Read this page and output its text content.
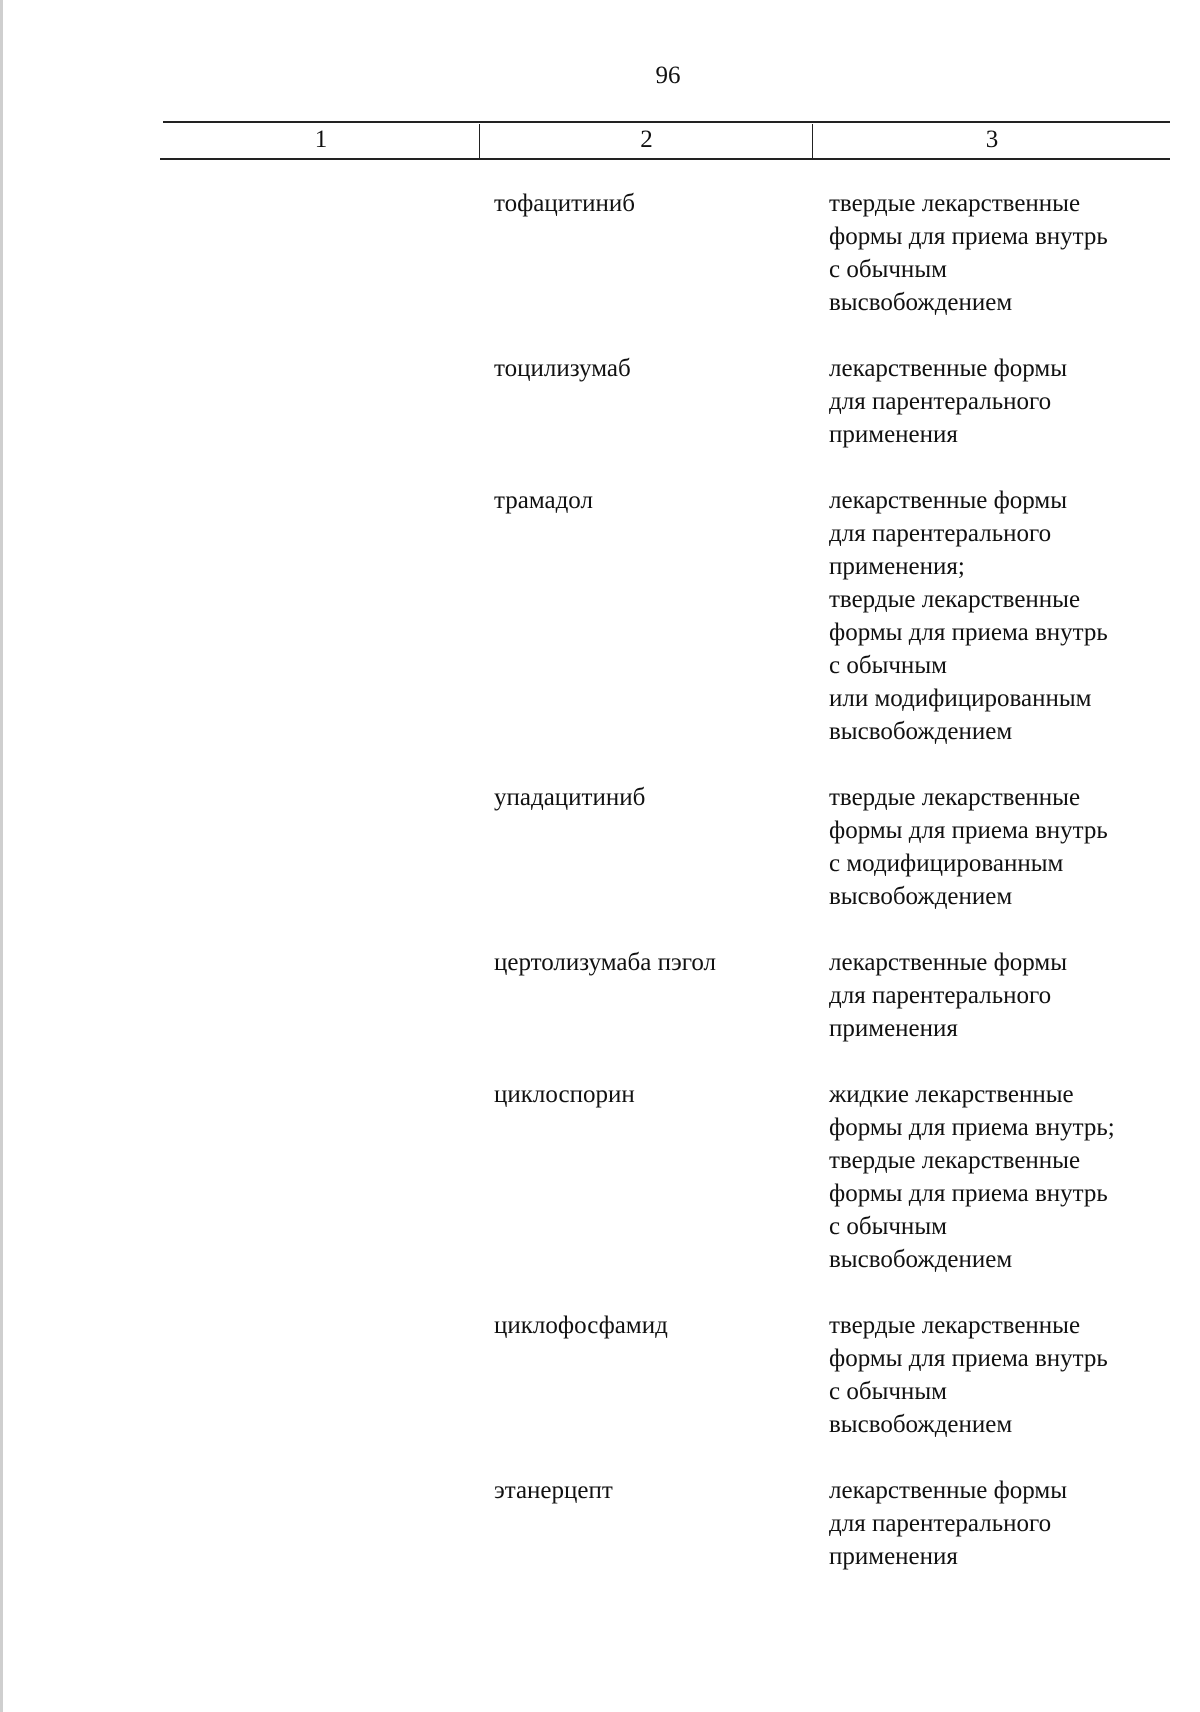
96
1	2	3
тофацитиниб	твердые лекарственные
формы для приема внутрь
с обычным
высвобождением
тоцилизумаб	лекарственные формы
для парентерального
применения
трамадол	лекарственные формы
для парентерального
применения;
твердые лекарственные
формы для приема внутрь
с обычным
или модифицированным
высвобождением
упадацитиниб	твердые лекарственные
формы для приема внутрь
с модифицированным
высвобождением
цертолизумаба пэгол	лекарственные формы
для парентерального
применения
циклоспорин	жидкие лекарственные
формы для приема внутрь;
твердые лекарственные
формы для приема внутрь
с обычным
высвобождением
циклофосфамид	твердые лекарственные
формы для приема внутрь
с обычным
высвобождением
этанерцепт	лекарственные формы
для парентерального
применения
